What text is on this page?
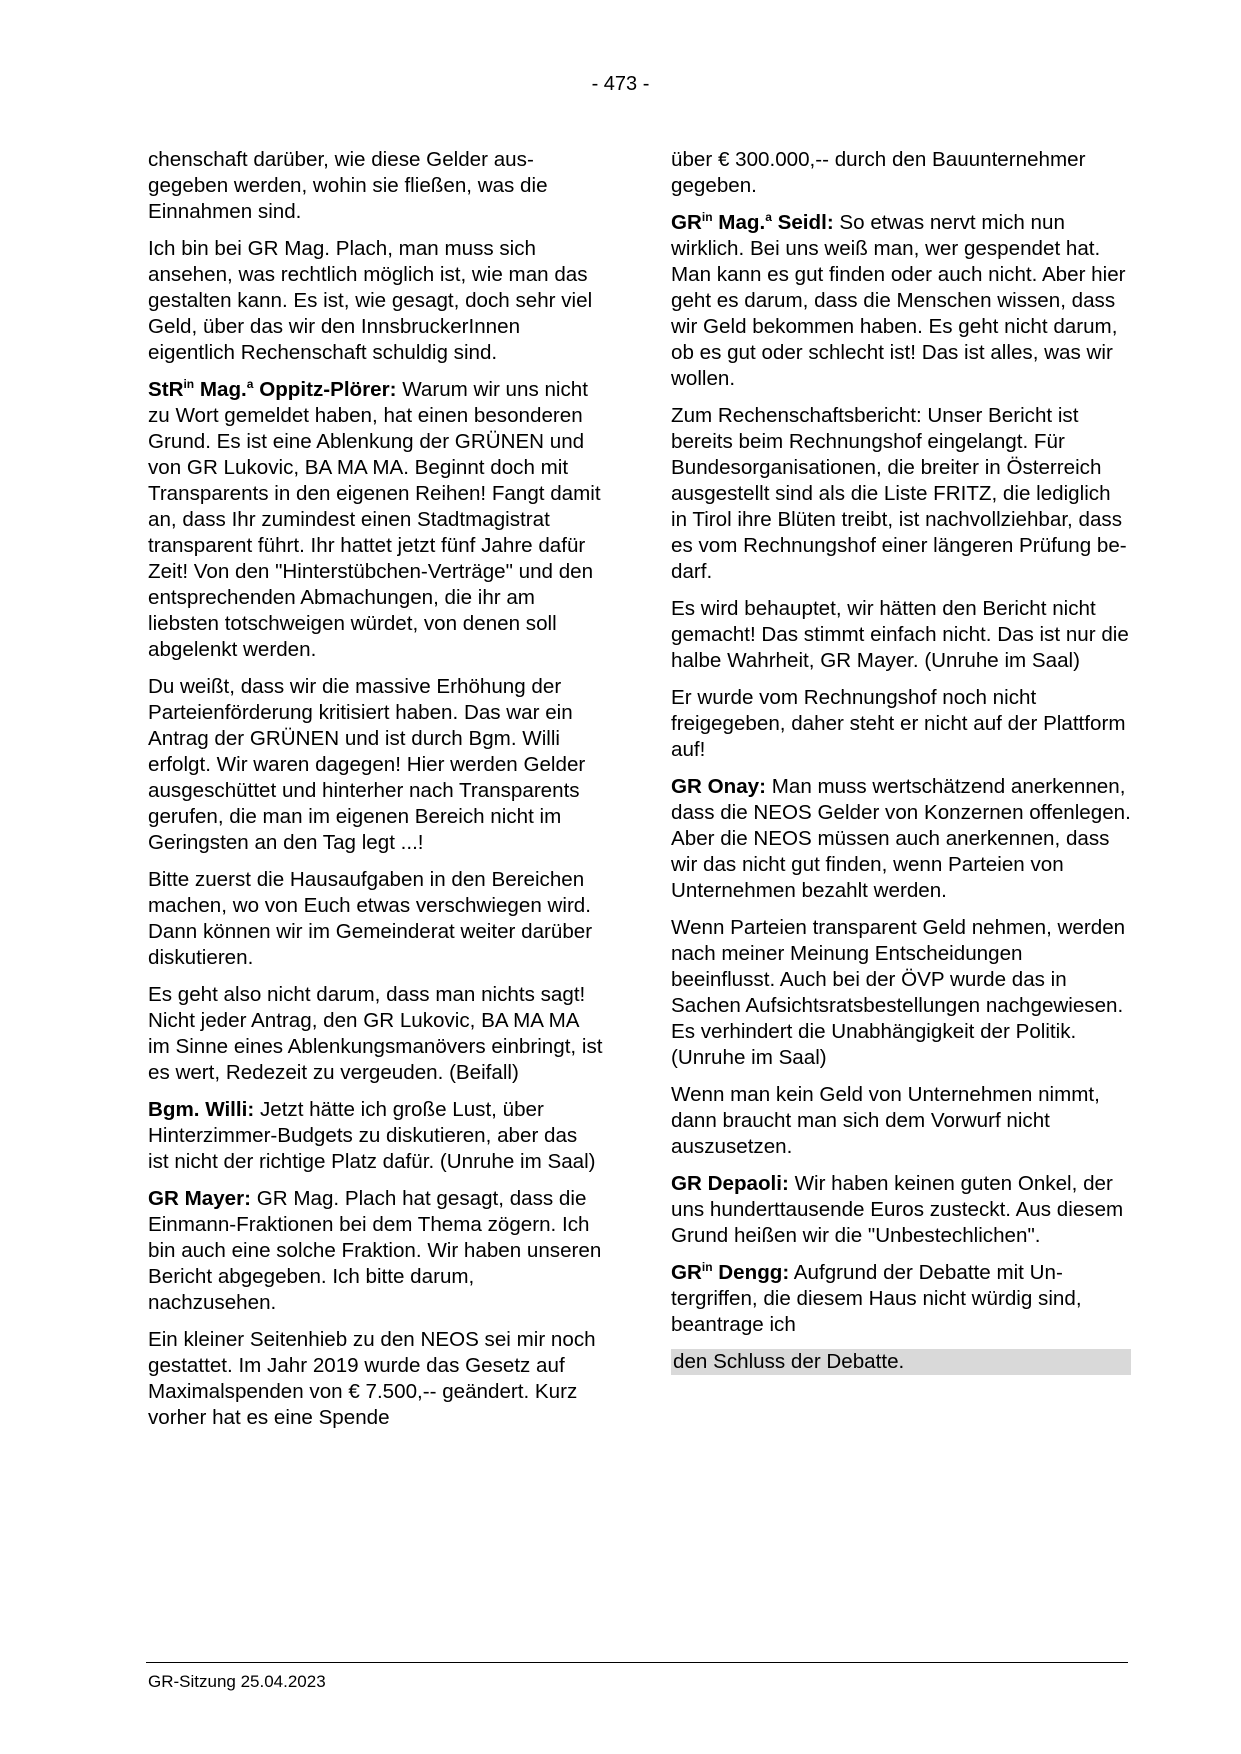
- 473 -

chenschaft darüber, wie diese Gelder ausgegeben werden, wohin sie fließen, was die Einnahmen sind.

Ich bin bei GR Mag. Plach, man muss sich ansehen, was rechtlich möglich ist, wie man das gestalten kann. Es ist, wie gesagt, doch sehr viel Geld, über das wir den InnsbruckerInnen eigentlich Rechenschaft schuldig sind.

StR$^{in}$ Mag.$^a$ Oppitz-Plörer: Warum wir uns nicht zu Wort gemeldet haben, hat einen besonderen Grund. Es ist eine Ablenkung der GRÜNEN und von GR Lukovic, BA MA MA. Beginnt doch mit Transparents in den eigenen Reihen! Fangt damit an, dass Ihr zumindest einen Stadtmagistrat transparent führt. Ihr hattet jetzt fünf Jahre dafür Zeit! Von den "Hinterstübchen-Verträge" und den entsprechenden Abmachungen, die ihr am liebsten totschweigen würdet, von denen soll abgelenkt werden.

Du weißt, dass wir die massive Erhöhung der Parteienförderung kritisiert haben. Das war ein Antrag der GRÜNEN und ist durch Bgm. Willi erfolgt. Wir waren dagegen! Hier werden Gelder ausgeschüttet und hinterher nach Transparents gerufen, die man im eigenen Bereich nicht im Geringsten an den Tag legt ...!

Bitte zuerst die Hausaufgaben in den Bereichen machen, wo von Euch etwas verschwiegen wird. Dann können wir im Gemeinderat weiter darüber diskutieren.

Es geht also nicht darum, dass man nichts sagt! Nicht jeder Antrag, den GR Lukovic, BA MA MA im Sinne eines Ablenkungsmanövers einbringt, ist es wert, Redezeit zu vergeuden. (Beifall)

Bgm. Willi: Jetzt hätte ich große Lust, über Hinterzimmer-Budgets zu diskutieren, aber das ist nicht der richtige Platz dafür. (Unruhe im Saal)

GR Mayer: GR Mag. Plach hat gesagt, dass die Einmann-Fraktionen bei dem Thema zögern. Ich bin auch eine solche Fraktion. Wir haben unseren Bericht abgegeben. Ich bitte darum, nachzusehen.

Ein kleiner Seitenhieb zu den NEOS sei mir noch gestattet. Im Jahr 2019 wurde das Gesetz auf Maximalspenden von € 7.500,-- geändert. Kurz vorher hat es eine Spende

über € 300.000,-- durch den Bauunternehmer gegeben.

$GR^{in}$ Mag.$^a$ Seidl: So etwas nervt mich nun wirklich. Bei uns weiß man, wer gespendet hat. Man kann es gut finden oder auch nicht. Aber hier geht es darum, dass die Menschen wissen, dass wir Geld bekommen haben. Es geht nicht darum, ob es gut oder schlecht ist! Das ist alles, was wir wollen.

Zum Rechenschaftsbericht: Unser Bericht ist bereits beim Rechnungshof eingelangt. Für Bundesorganisationen, die breiter in Österreich ausgestellt sind als die Liste FRITZ, die lediglich in Tirol ihre Blüten treibt, ist nachvollziehbar, dass es vom Rechnungshof einer längeren Prüfung bedarf.

Es wird behauptet, wir hätten den Bericht nicht gemacht! Das stimmt einfach nicht. Das ist nur die halbe Wahrheit, GR Mayer. (Unruhe im Saal)

Er wurde vom Rechnungshof noch nicht freigegeben, daher steht er nicht auf der Plattform auf!

GR Onay: Man muss wertschätzend anerkennen, dass die NEOS Gelder von Konzernen offenlegen. Aber die NEOS müssen auch anerkennen, dass wir das nicht gut finden, wenn Parteien von Unternehmen bezahlt werden.

Wenn Parteien transparent Geld nehmen, werden nach meiner Meinung Entscheidungen beeinflusst. Auch bei der ÖVP wurde das in Sachen Aufsichtsratsbestellungen nachgewiesen. Es verhindert die Unabhängigkeit der Politik. (Unruhe im Saal)

Wenn man kein Geld von Unternehmen nimmt, dann braucht man sich dem Vorwurf nicht auszusetzen.

GR Depaoli: Wir haben keinen guten Onkel, der uns hunderttausende Euros zusteckt. Aus diesem Grund heißen wir die "Unbestechlichen".

$GR^{in}$ Dengg: Aufgrund der Debatte mit Untergriffen, die diesem Haus nicht würdig sind, beantrage ich

den Schluss der Debatte.

GR-Sitzung 25.04.2023
